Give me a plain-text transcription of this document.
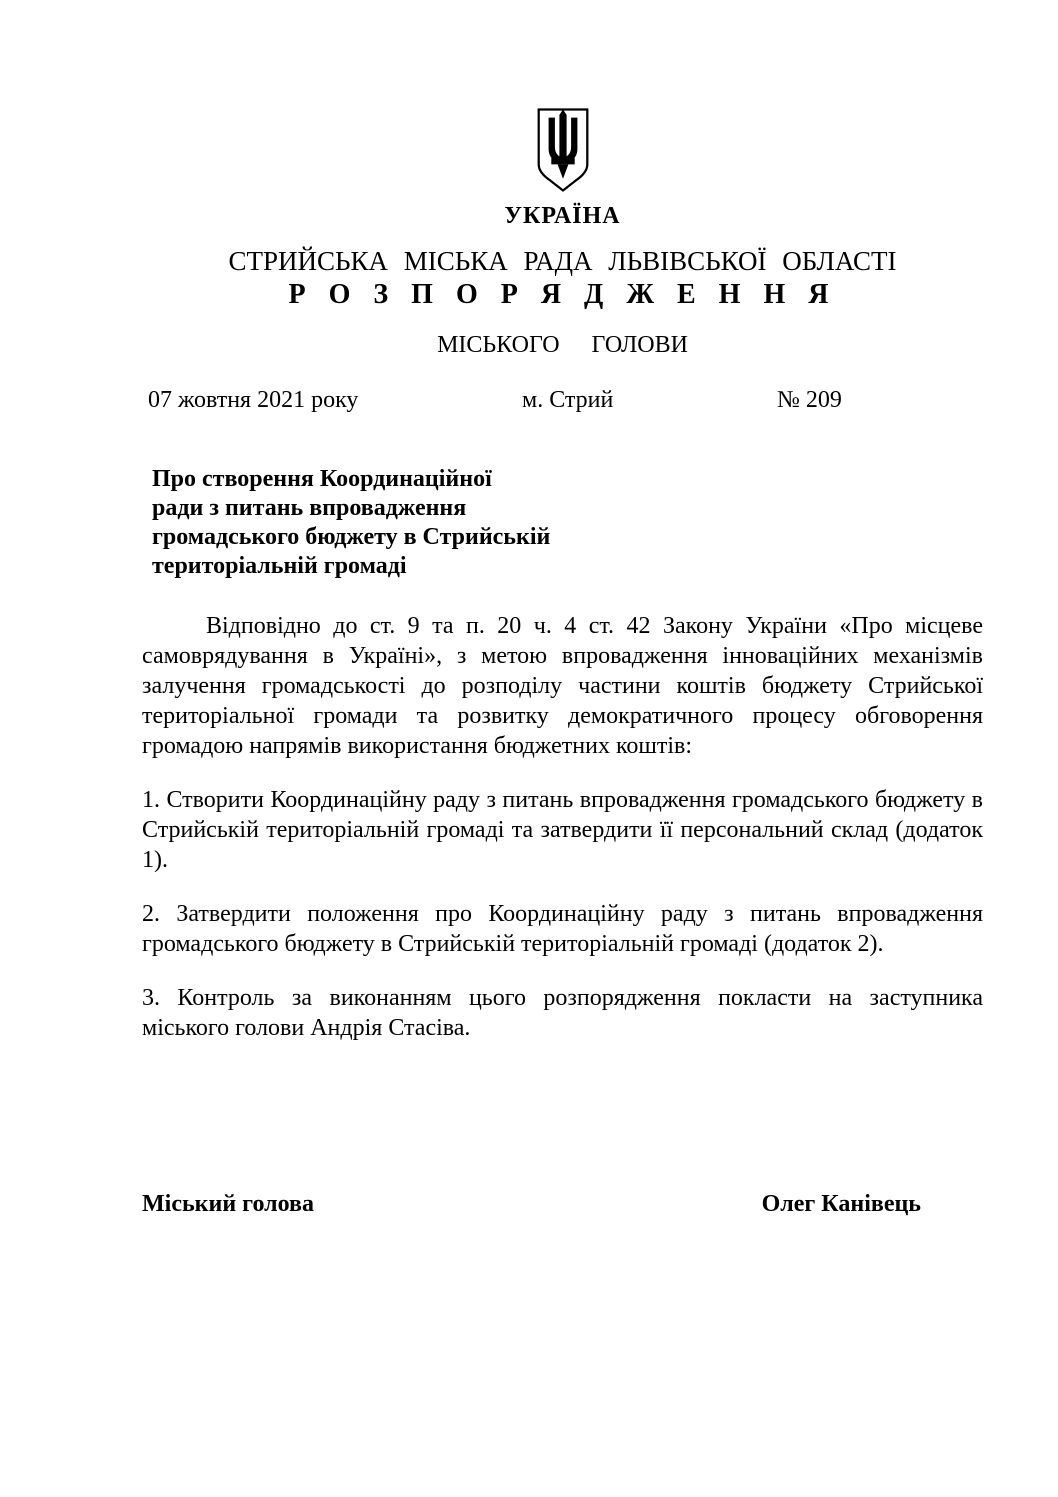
УКРАЇНА
СТРИЙСЬКА МІСЬКА РАДА ЛЬВІВСЬКОЇ ОБЛАСТІ
Р О З П О Р Я Д Ж Е Н Н Я
МІСЬКОГО ГОЛОВИ
07 жовтня 2021 року	м. Стрий	№ 209
Про створення Координаційної
ради з питань впровадження
громадського бюджету в Стрийській
територіальній громаді

Відповідно до ст. 9 та п. 20 ч. 4 ст. 42 Закону України «Про місцеве самоврядування в Україні», з метою впровадження інноваційних механізмів залучення громадськості до розподілу частини коштів бюджету Стрийської територіальної громади та розвитку демократичного процесу обговорення громадою напрямів використання бюджетних коштів:

1. Створити Координаційну раду з питань впровадження громадського бюджету в Стрийській територіальній громаді та затвердити її персональний склад (додаток 1).

2. Затвердити положення про Координаційну раду з питань впровадження громадського бюджету в Стрийській територіальній громаді (додаток 2).

3. Контроль за виконанням цього розпорядження покласти на заступника міського голови Андрія Стасіва.

Міський голова	Олег Канівець
